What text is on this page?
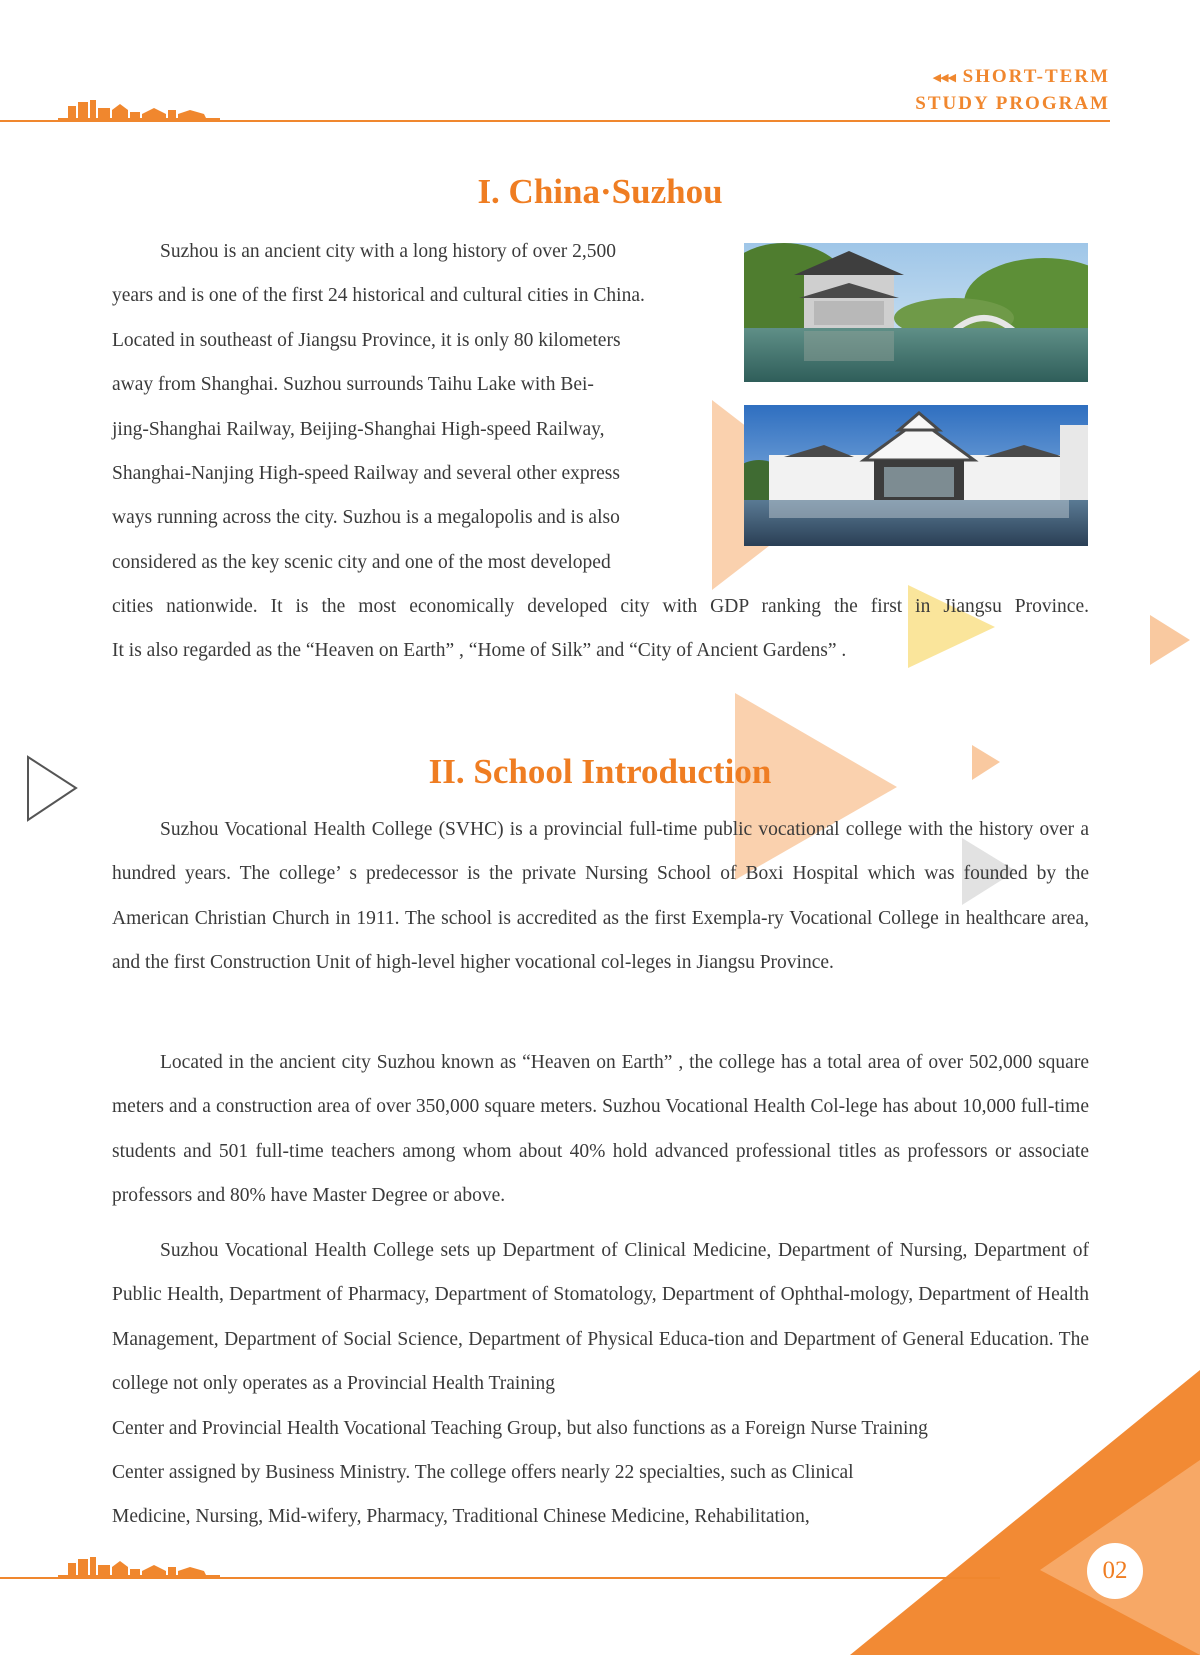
◂◂◂ SHORT-TERM
STUDY PROGRAM
I. China·Suzhou

Suzhou is an ancient city with a long history of over 2,500

years and is one of the first 24 historical and cultural cities in China.

Located in southeast of Jiangsu Province, it is only 80 kilometers

away from Shanghai. Suzhou surrounds Taihu Lake with Bei-

jing-Shanghai Railway, Beijing-Shanghai High-speed Railway,

Shanghai-Nanjing High-speed Railway and several other express

ways running across the city. Suzhou is a megalopolis and is also

considered as the key scenic city and one of the most developed

cities nationwide. It is the most economically developed city with GDP ranking the first in Jiangsu Province.

It is also regarded as the “Heaven on Earth” , “Home of Silk” and “City of Ancient Gardens” .

II. School Introduction

Suzhou Vocational Health College (SVHC) is a provincial full-time public vocational college with the history over a hundred years. The college’ s predecessor is the private Nursing School of Boxi Hospital which was founded by the American Christian Church in 1911. The school is accredited as the first Exempla-ry Vocational College in healthcare area, and the first Construction Unit of high-level higher vocational col-leges in Jiangsu Province.

Located in the ancient city Suzhou known as “Heaven on Earth” , the college has a total area of over 502,000 square meters and a construction area of over 350,000 square meters. Suzhou Vocational Health Col-lege has about 10,000 full-time students and 501 full-time teachers among whom about 40% hold advanced professional titles as professors or associate professors and 80% have Master Degree or above.

Suzhou Vocational Health College sets up Department of Clinical Medicine, Department of Nursing, Department of Public Health, Department of Pharmacy, Department of Stomatology, Department of Ophthal-mology, Department of Health Management, Department of Social Science, Department of Physical Educa-tion and Department of General Education. The college not only operates as a Provincial Health Training

Center and Provincial Health Vocational Teaching Group, but also functions as a Foreign Nurse Training

Center assigned by Business Ministry. The college offers nearly 22 specialties, such as Clinical

Medicine, Nursing, Mid-wifery, Pharmacy, Traditional Chinese Medicine, Rehabilitation,

02
